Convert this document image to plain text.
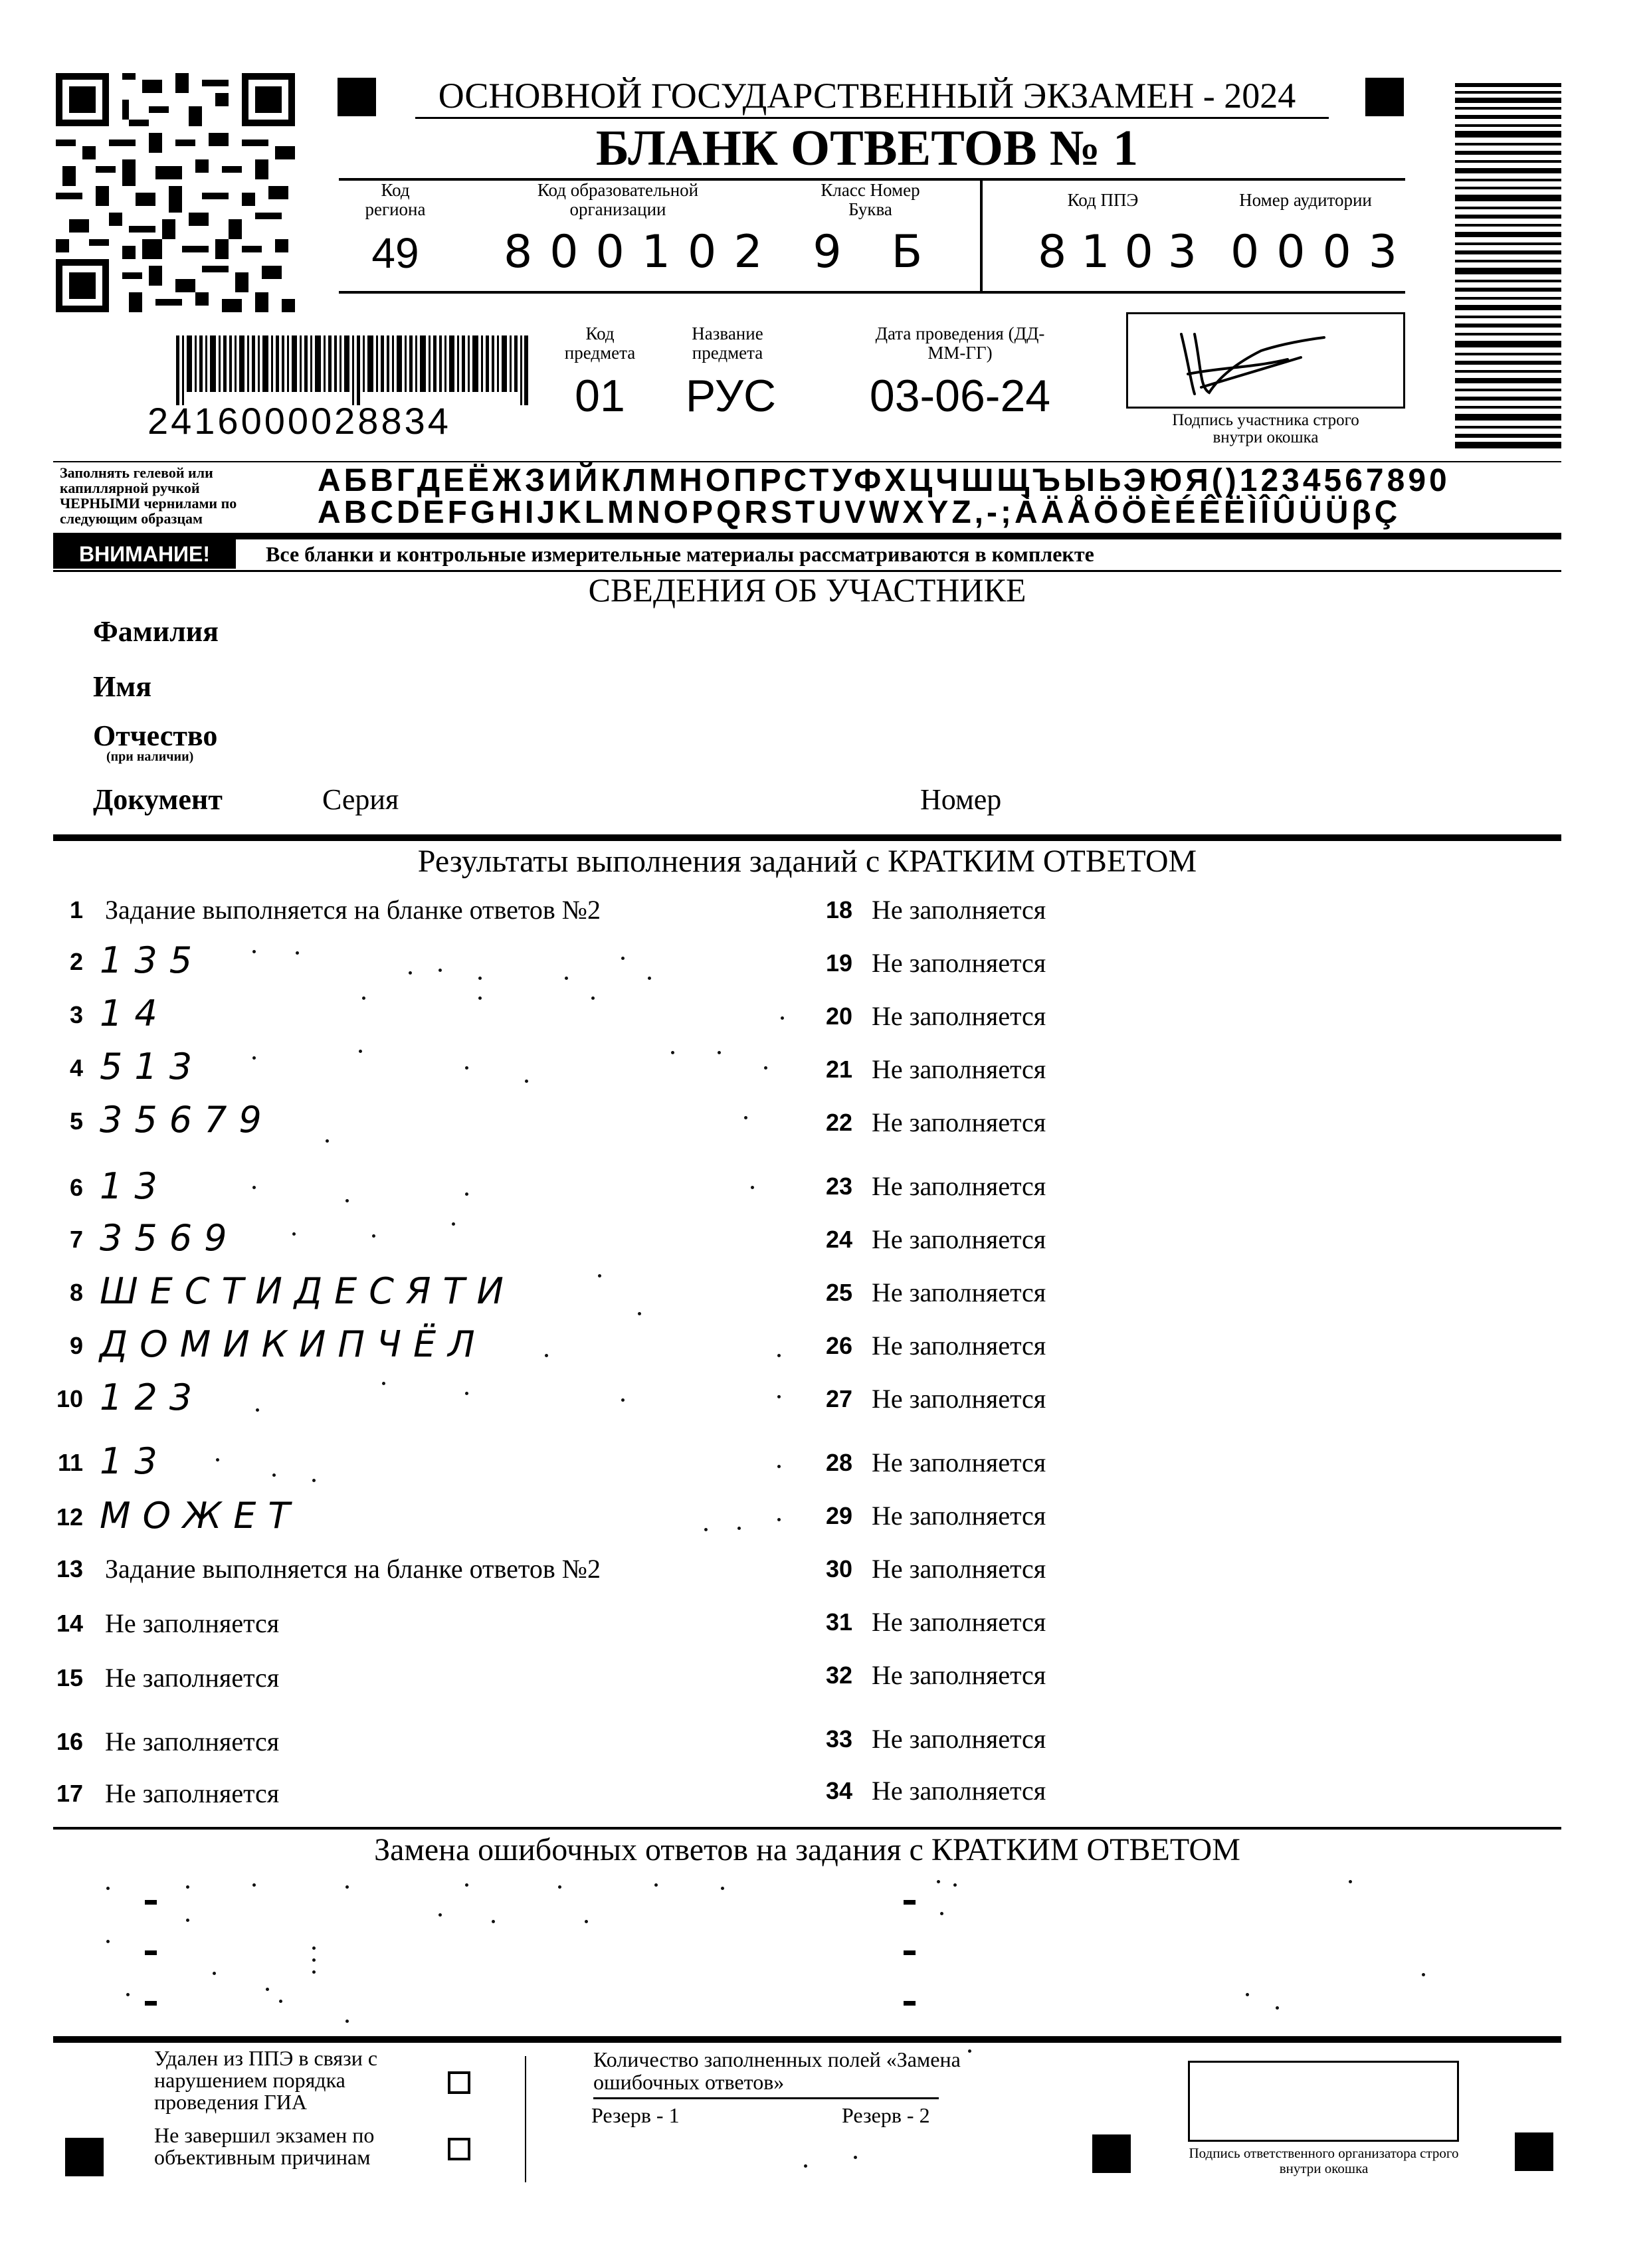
ОСНОВНОЙ ГОСУДАРСТВЕННЫЙ ЭКЗАМЕН - 2024
БЛАНК ОТВЕТОВ № 1
Код региона
49
Код образовательной организации
800102
Класс Номер Буква
9 Б
Код ППЭ
8103
Номер аудитории
0003
2416000028834
Код предмета
01
Название предмета
РУС
Дата проведения (ДД-ММ-ГГ)
03-06-24	Подпись участника строго внутри окошка
Заполнять гелевой или капиллярной ручкой ЧЕРНЫМИ чернилами по следующим образцам
АБВГДЕЁЖЗИЙКЛМНОПРСТУФХЦЧШЩЪЫЬЭЮЯ()1234567890
ABCDEFGHIJKLMNOPQRSTUVWXYZ,-;ÀÄÅÖÖÈÉÊËÌÎÛÜÜβÇ
ВНИМАНИЕ!	Все бланки и контрольные измерительные материалы рассматриваются в комплекте
СВЕДЕНИЯ ОБ УЧАСТНИКЕ
Фамилия
Имя
Отчество
(при наличии)
Документ	Серия	Номер
Результаты выполнения заданий с КРАТКИМ ОТВЕТОМ
1 Задание выполняется на бланке ответов №2
2 135
3 14
4 513
5 35679
6 13
7 3569
8 ШЕСТИДЕСЯТИ
9 ДОМИКИПЧЁЛ
10 123
11 13
12 МОЖЕТ
13 Задание выполняется на бланке ответов №2
14 Не заполняется
15 Не заполняется
16 Не заполняется
17 Не заполняется
18 Не заполняется
19 Не заполняется
20 Не заполняется
21 Не заполняется
22 Не заполняется
23 Не заполняется
24 Не заполняется
25 Не заполняется
26 Не заполняется
27 Не заполняется
28 Не заполняется
29 Не заполняется
30 Не заполняется
31 Не заполняется
32 Не заполняется
33 Не заполняется
34 Не заполняется
Замена ошибочных ответов на задания с КРАТКИМ ОТВЕТОМ
Удален из ППЭ в связи с нарушением порядка проведения ГИА
Не завершил экзамен по объективным причинам
Количество заполненных полей «Замена ошибочных ответов»
Резерв - 1	Резерв - 2
Подпись ответственного организатора строго внутри окошка
